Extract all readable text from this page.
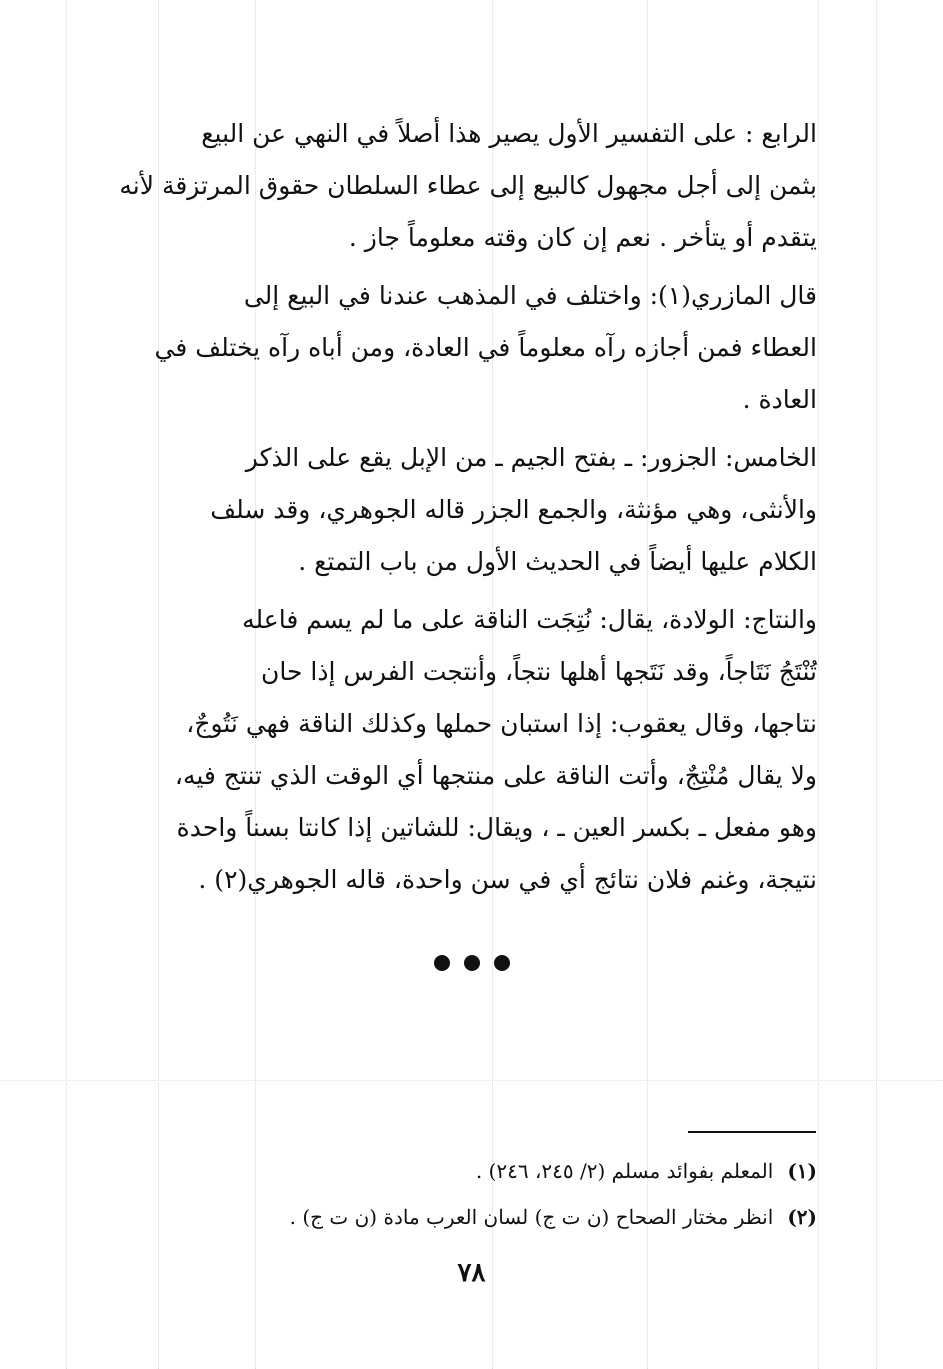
الرابع : على التفسير الأول يصير هذا أصلاً في النهي عن البيع
بثمن إلى أجل مجهول كالبيع إلى عطاء السلطان حقوق المرتزقة لأنه
يتقدم أو يتأخر . نعم إن كان وقته معلوماً جاز .
قال المازري(١): واختلف في المذهب عندنا في البيع إلى
العطاء فمن أجازه رآه معلوماً في العادة، ومن أباه رآه يختلف في
العادة .
الخامس: الجزور: ـ بفتح الجيم ـ من الإبل يقع على الذكر
والأنثى، وهي مؤنثة، والجمع الجزر قاله الجوهري، وقد سلف
الكلام عليها أيضاً في الحديث الأول من باب التمتع .
والنتاج: الولادة، يقال: نُتِجَت الناقة على ما لم يسم فاعله
تُنْتَجُ نَتَاجاً، وقد نَتَجها أهلها نتجاً، وأنتجت الفرس إذا حان
نتاجها، وقال يعقوب: إذا استبان حملها وكذلك الناقة فهي نَتُوجٌ،
ولا يقال مُنْتِجٌ، وأتت الناقة على منتجها أي الوقت الذي تنتج فيه،
وهو مفعل ـ بكسر العين ـ ، ويقال: للشاتين إذا كانتا بسناً واحدة
نتيجة، وغنم فلان نتائج أي في سن واحدة، قاله الجوهري(٢) .
(١)المعلم بفوائد مسلم (٢/ ٢٤٥، ٢٤٦) .
(٢)انظر مختار الصحاح (ن ت ج) لسان العرب مادة (ن ت ج) .
٧٨
